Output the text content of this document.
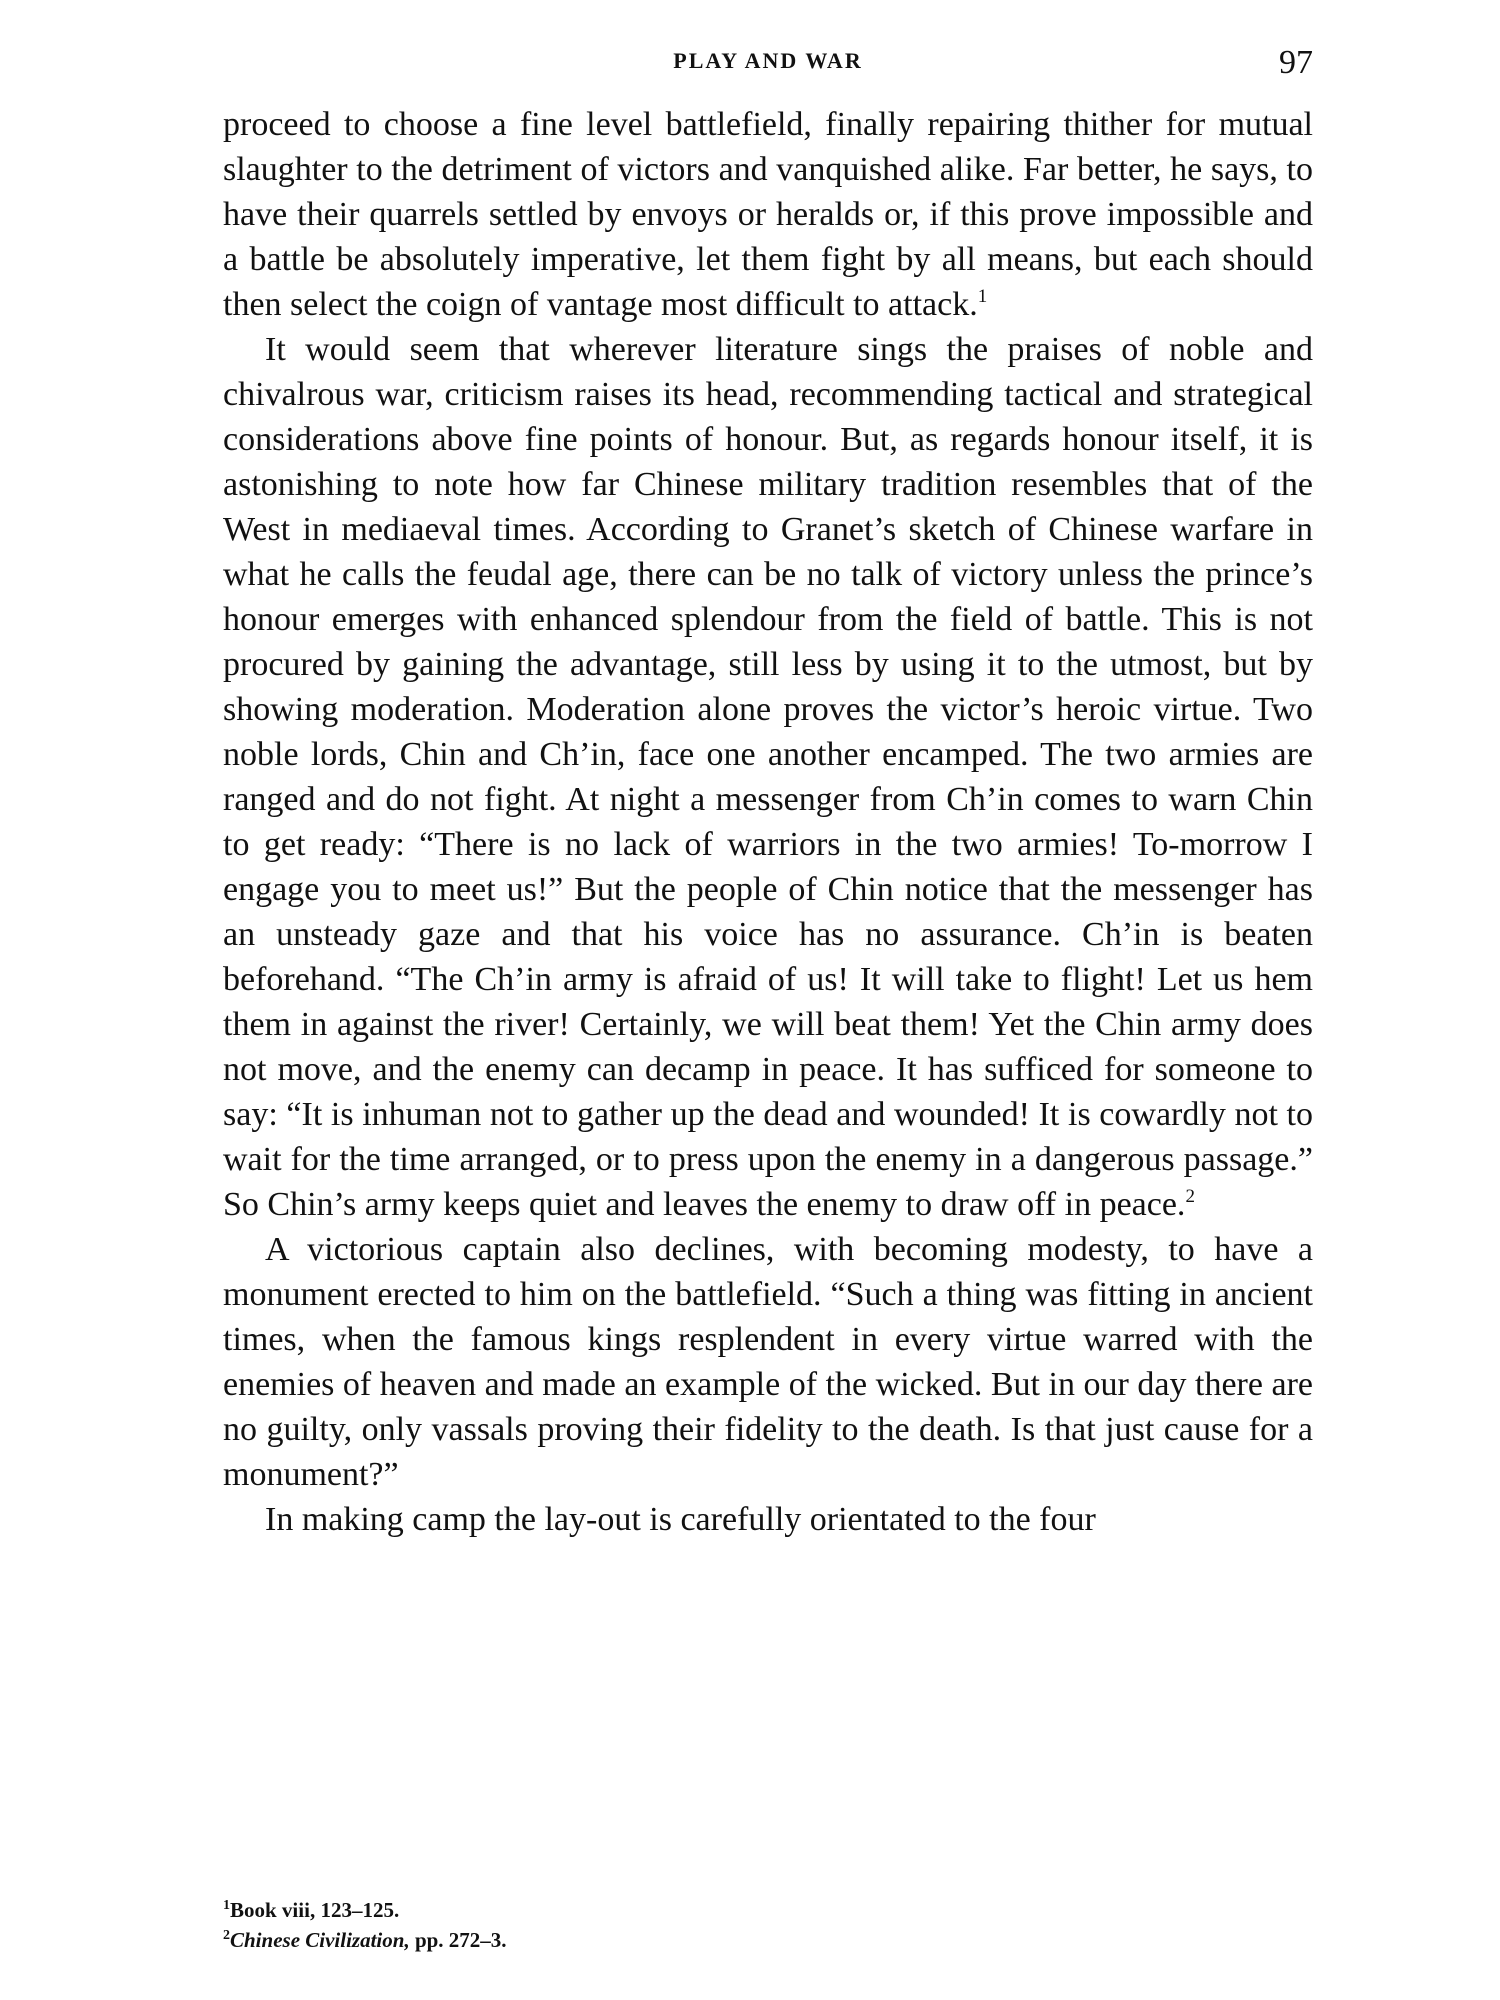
PLAY AND WAR	97

proceed to choose a fine level battlefield, finally repairing thither for mutual slaughter to the detriment of victors and vanquished alike. Far better, he says, to have their quarrels settled by envoys or heralds or, if this prove impossible and a battle be absolutely imperative, let them fight by all means, but each should then select the coign of vantage most difficult to attack.$^1$

It would seem that wherever literature sings the praises of noble and chivalrous war, criticism raises its head, recommending tactical and strategical considerations above fine points of honour. But, as regards honour itself, it is astonishing to note how far Chinese military tradition resembles that of the West in mediaeval times. According to Granet’s sketch of Chinese warfare in what he calls the feudal age, there can be no talk of victory unless the prince’s honour emerges with enhanced splendour from the field of battle. This is not procured by gaining the advantage, still less by using it to the utmost, but by showing moderation. Moderation alone proves the victor’s heroic virtue. Two noble lords, Chin and Ch’in, face one another encamped. The two armies are ranged and do not fight. At night a messenger from Ch’in comes to warn Chin to get ready: “There is no lack of warriors in the two armies! To-morrow I engage you to meet us!” But the people of Chin notice that the messenger has an unsteady gaze and that his voice has no assurance. Ch’in is beaten beforehand. “The Ch’in army is afraid of us! It will take to flight! Let us hem them in against the river! Certainly, we will beat them! Yet the Chin army does not move, and the enemy can decamp in peace. It has sufficed for someone to say: “It is inhuman not to gather up the dead and wounded! It is cowardly not to wait for the time arranged, or to press upon the enemy in a dangerous passage.” So Chin’s army keeps quiet and leaves the enemy to draw off in peace.$^2$

A victorious captain also declines, with becoming modesty, to have a monument erected to him on the battlefield. “Such a thing was fitting in ancient times, when the famous kings resplendent in every virtue warred with the enemies of heaven and made an example of the wicked. But in our day there are no guilty, only vassals proving their fidelity to the death. Is that just cause for a monument?”

In making camp the lay-out is carefully orientated to the four

$^1$Book viii, 123–125.
$^2$Chinese Civilization, pp. 272–3.
